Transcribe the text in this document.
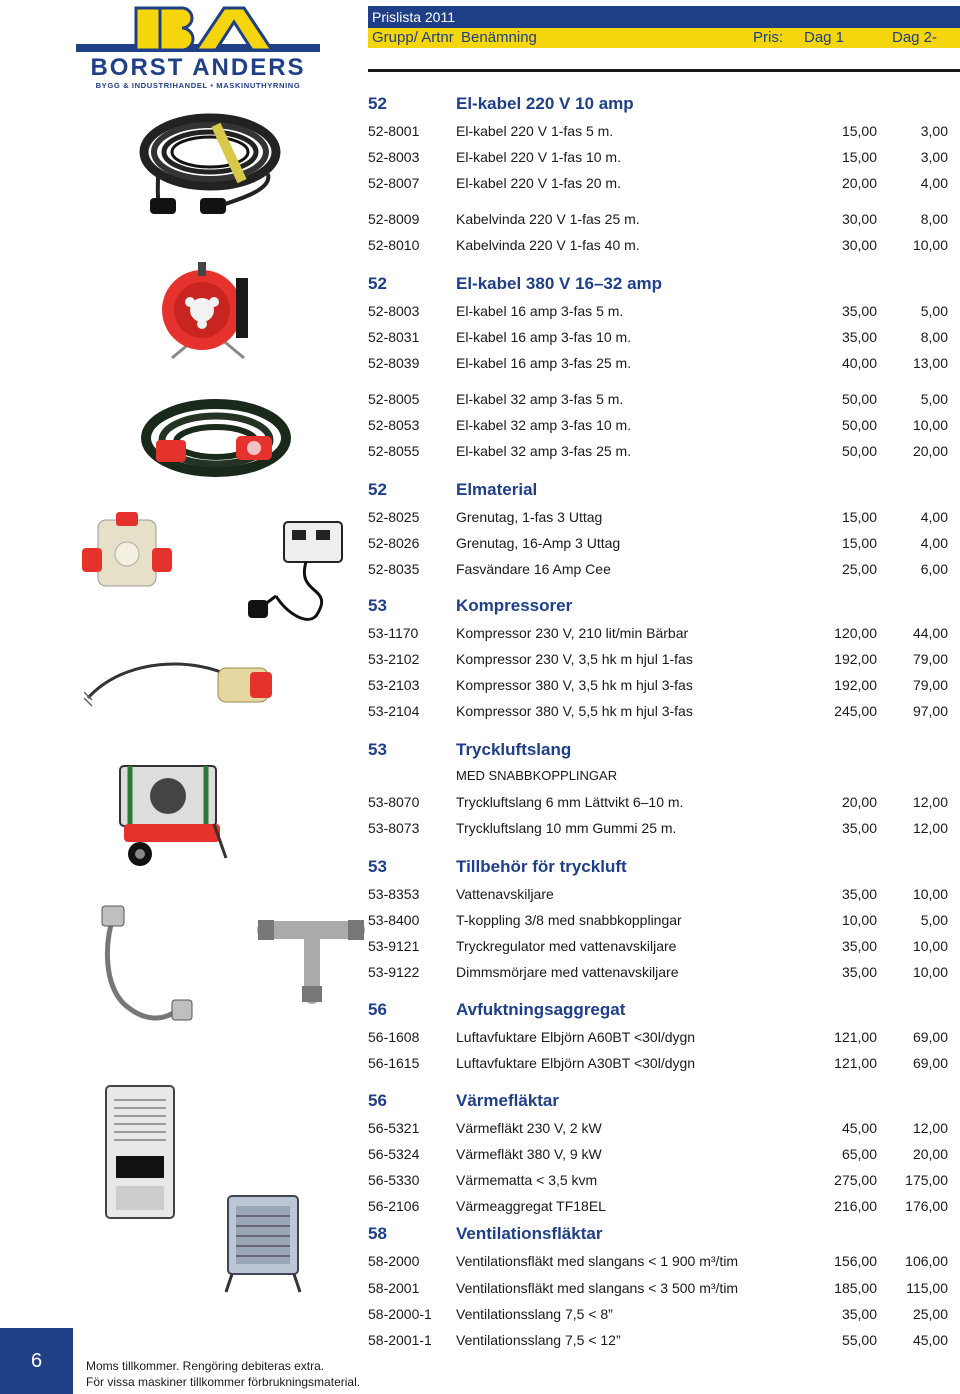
BORST ANDERS
BYGG & INDUSTRIHANDEL • MASKINUTHYRNING
Prislista 2011
Grupp/ Artnr Benämning	Pris: Dag 1	Dag 2-
52	El-kabel 220 V 10 amp
52	El-kabel 380 V 16–32 amp
52	Elmaterial
53	Kompressorer
53	Tryckluftslang
MED SNABBKOPPLINGAR
53	Tillbehör för tryckluft
56	Avfuktningsaggregat
56	Värmefläktar
58	Ventilationsfläktar
52-8001	El-kabel 220 V 1-fas 5 m.	15,00	3,00
52-8003	El-kabel 220 V 1-fas 10 m.	15,00	3,00
52-8007	El-kabel 220 V 1-fas 20 m.	20,00	4,00
52-8009	Kabelvinda 220 V 1-fas 25 m.	30,00	8,00
52-8010	Kabelvinda 220 V 1-fas 40 m.	30,00	10,00
52-8003	El-kabel 16 amp 3-fas 5 m.	35,00	5,00
52-8031	El-kabel 16 amp 3-fas 10 m.	35,00	8,00
52-8039	El-kabel 16 amp 3-fas 25 m.	40,00	13,00
52-8005	El-kabel 32 amp 3-fas 5 m.	50,00	5,00
52-8053	El-kabel 32 amp 3-fas 10 m.	50,00	10,00
52-8055	El-kabel 32 amp 3-fas 25 m.	50,00	20,00
52-8025	Grenutag, 1-fas 3 Uttag	15,00	4,00
52-8026	Grenutag, 16-Amp 3 Uttag	15,00	4,00
52-8035	Fasvändare 16 Amp Cee	25,00	6,00
53-1170	Kompressor 230 V, 210 lit/min Bärbar	120,00	44,00
53-2102	Kompressor 230 V, 3,5 hk m hjul 1-fas	192,00	79,00
53-2103	Kompressor 380 V, 3,5 hk m hjul 3-fas	192,00	79,00
53-2104	Kompressor 380 V, 5,5 hk m hjul 3-fas	245,00	97,00
53-8070	Tryckluftslang 6 mm Lättvikt 6–10 m.	20,00	12,00
53-8073	Tryckluftslang 10 mm Gummi 25 m.	35,00	12,00
53-8353	Vattenavskiljare	35,00	10,00
53-8400	T-koppling 3/8 med snabbkopplingar	10,00	5,00
53-9121	Tryckregulator med vattenavskiljare	35,00	10,00
53-9122	Dimmsmörjare med vattenavskiljare	35,00	10,00
56-1608	Luftavfuktare Elbjörn A60BT <30l/dygn	121,00	69,00
56-1615	Luftavfuktare Elbjörn A30BT <30l/dygn	121,00	69,00
56-5321	Värmefläkt 230 V, 2 kW	45,00	12,00
56-5324	Värmefläkt 380 V, 9 kW	65,00	20,00
56-5330	Värmematta < 3,5 kvm	275,00 175,00
56-2106	Värmeaggregat TF18EL	216,00 176,00
58-2000	Ventilationsfläkt med slangans < 1 900 m³/tim	156,00 106,00
58-2001	Ventilationsfläkt med slangans < 3 500 m³/tim	185,00 115,00
58-2000-1 Ventilationsslang 7,5 < 8”	35,00	25,00
58-2001-1 Ventilationsslang 7,5 < 12”	55,00	45,00
6	Moms tillkommer. Rengöring debiteras extra.
För vissa maskiner tillkommer förbrukningsmaterial.
